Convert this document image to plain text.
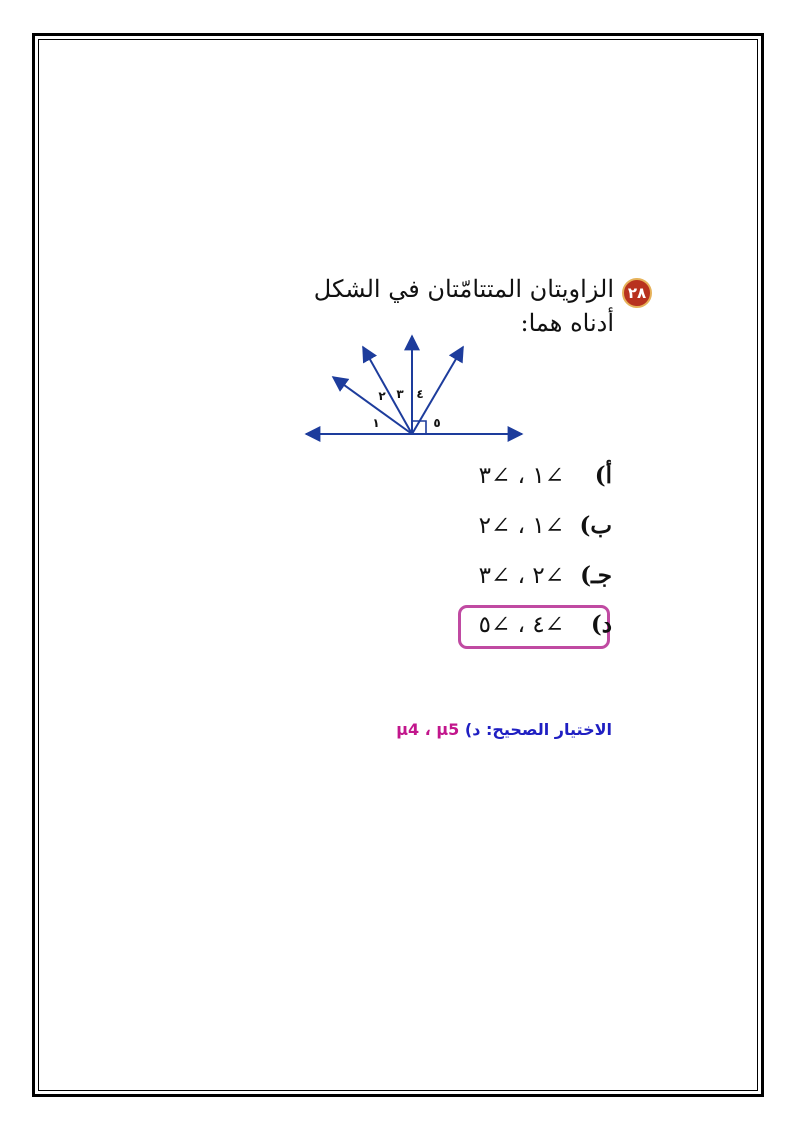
٢٨
الزاويتان المتتامّتان في الشكل أدناه هما:
١
٢ ٣ ٤
٥
أ)
∠١ ، ∠٣
ب)
∠١ ، ∠٢
جـ)
∠٢ ، ∠٣
د)
∠٤ ، ∠٥
الاختيار الصحيح: د) µ4 ، µ5
